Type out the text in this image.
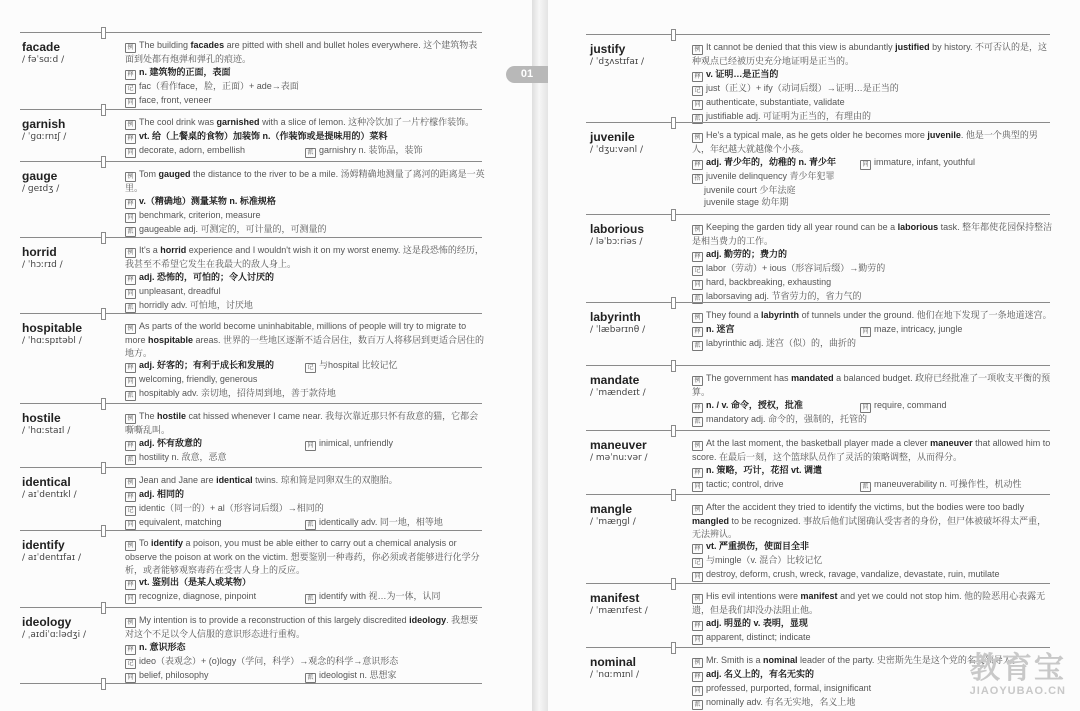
facade
/ fəˈsɑːd /
例 The building facades are pitted with shell and bullet holes everywhere. 这个建筑物表面到处都有炮弹和弹孔的痕迹。
释 n. 建筑物的正面，表面
记 fac（看作face，脸，正面）+ ade→表面
同 face, front, veneer
garnish
/ ˈɡɑːrnɪʃ /
例 The cool drink was garnished with a slice of lemon. 这种冷饮加了一片柠檬作装饰。
释 vt. 给（上餐桌的食物）加装饰 n.（作装饰或是提味用的）菜料
同 decorate, adorn, embellish	派 garnishry n. 装饰品，装饰
gauge
/ ɡeɪdʒ /
例 Tom gauged the distance to the river to be a mile. 汤姆精确地测量了离河的距离是一英里。
释 v.（精确地）测量某物 n. 标准规格
同 benchmark, criterion, measure
派 gaugeable adj. 可测定的，可计量的，可测量的
horrid
/ ˈhɔːrɪd /
例 It's a horrid experience and I wouldn't wish it on my worst enemy. 这是段恐怖的经历，我甚至不希望它发生在我最大的敌人身上。
释 adj. 恐怖的，可怕的；令人讨厌的
同 unpleasant, dreadful
派 horridly adv. 可怕地，讨厌地
hospitable
/ ˈhɑːspɪtəbl /
例 As parts of the world become uninhabitable, millions of people will try to migrate to more hospitable areas. 世界的一些地区逐渐不适合居住，数百万人将移居到更适合居住的地方。
释 adj. 好客的；有利于成长和发展的	记 与hospital 比较记忆
同 welcoming, friendly, generous
派 hospitably adv. 亲切地，招待周到地，善于款待地
hostile
/ ˈhɑːstaɪl /
例 The hostile cat hissed whenever I came near. 我每次靠近那只怀有敌意的猫，它都会嘶嘶乱叫。
释 adj. 怀有敌意的	同 inimical, unfriendly
派 hostility n. 敌意，恶意
identical
/ aɪˈdentɪkl /
例 Jean and Jane are identical twins. 琼和简是同卵双生的双胞胎。
释 adj. 相同的
记 identic（同一的）+ al（形容词后缀）→相同的
同 equivalent, matching	派 identically adv. 同一地，相等地
identify
/ aɪˈdentɪfaɪ /
例 To identify a poison, you must be able either to carry out a chemical analysis or observe the poison at work on the victim. 想要鉴别一种毒药，你必须或者能够进行化学分析，或者能够观察毒药在受害人身上的反应。
释 vt. 鉴别出（是某人或某物）
同 recognize, diagnose, pinpoint	派 identify with 视…为一体，认同
ideology
/ ˌaɪdiˈɑːlədʒi /
例 My intention is to provide a reconstruction of this largely discredited ideology. 我想要对这个不足以令人信服的意识形态进行重构。
释 n. 意识形态
记 ideo（表观念）+ (o)logy（学问，科学）→观念的科学→意识形态
同 belief, philosophy	派 ideologist n. 思想家
01
justify
/ ˈdʒʌstɪfaɪ /
例 It cannot be denied that this view is abundantly justified by history. 不可否认的是，这种观点已经被历史充分地证明是正当的。
释 v. 证明…是正当的
记 just（正义）+ ify（动词后缀）→证明…是正当的
同 authenticate, substantiate, validate
派 justifiable adj. 可证明为正当的，有理由的
juvenile
/ ˈdʒuːvənl /
例 He's a typical male, as he gets older he becomes more juvenile. 他是一个典型的男人，年纪越大就越像个小孩。
释 adj. 青少年的，幼稚的 n. 青少年	同 immature, infant, youthful
搭 juvenile delinquency 青少年犯罪
juvenile court 少年法庭
juvenile stage 幼年期
laborious
/ ləˈbɔːriəs /
例 Keeping the garden tidy all year round can be a laborious task. 整年都使花园保持整洁是相当费力的工作。
释 adj. 勤劳的；费力的
记 labor（劳动）+ ious（形容词后缀）→勤劳的
同 hard, backbreaking, exhausting
派 laborsaving adj. 节省劳力的，省力气的
labyrinth
/ ˈlæbərɪnθ /
例 They found a labyrinth of tunnels under the ground. 他们在地下发现了一条地道迷宫。
释 n. 迷宫	同 maze, intricacy, jungle
派 labyrinthic adj. 迷宫（似）的，曲折的
mandate
/ ˈmændeɪt /
例 The government has mandated a balanced budget. 政府已经批准了一项收支平衡的预算。
释 n. / v. 命令，授权，批准	同 require, command
派 mandatory adj. 命令的，强制的，托管的
maneuver
/ məˈnuːvər /
例 At the last moment, the basketball player made a clever maneuver that allowed him to score. 在最后一刻，这个篮球队员作了灵活的策略调整，从而得分。
释 n. 策略，巧计，花招 vt. 调遣
同 tactic; control, drive	派 maneuverability n. 可操作性，机动性
mangle
/ ˈmæŋɡl /
例 After the accident they tried to identify the victims, but the bodies were too badly mangled to be recognized. 事故后他们试图确认受害者的身份，但尸体被破坏得太严重，无法辨认。
释 vt. 严重损伤，使面目全非
记 与mingle（v. 混合）比较记忆
同 destroy, deform, crush, wreck, ravage, vandalize, devastate, ruin, mutilate
manifest
/ ˈmænɪfest /
例 His evil intentions were manifest and yet we could not stop him. 他的险恶用心表露无遗，但是我们却没办法阻止他。
释 adj. 明显的 v. 表明，显现
同 apparent, distinct; indicate
nominal
/ ˈnɑːmɪnl /
例 Mr. Smith is a nominal leader of the party. 史密斯先生是这个党的名义领导人。
释 adj. 名义上的，有名无实的
同 professed, purported, formal, insignificant
派 nominally adv. 有名无实地，名义上地
教育宝
JIAOYUBAO.CN
